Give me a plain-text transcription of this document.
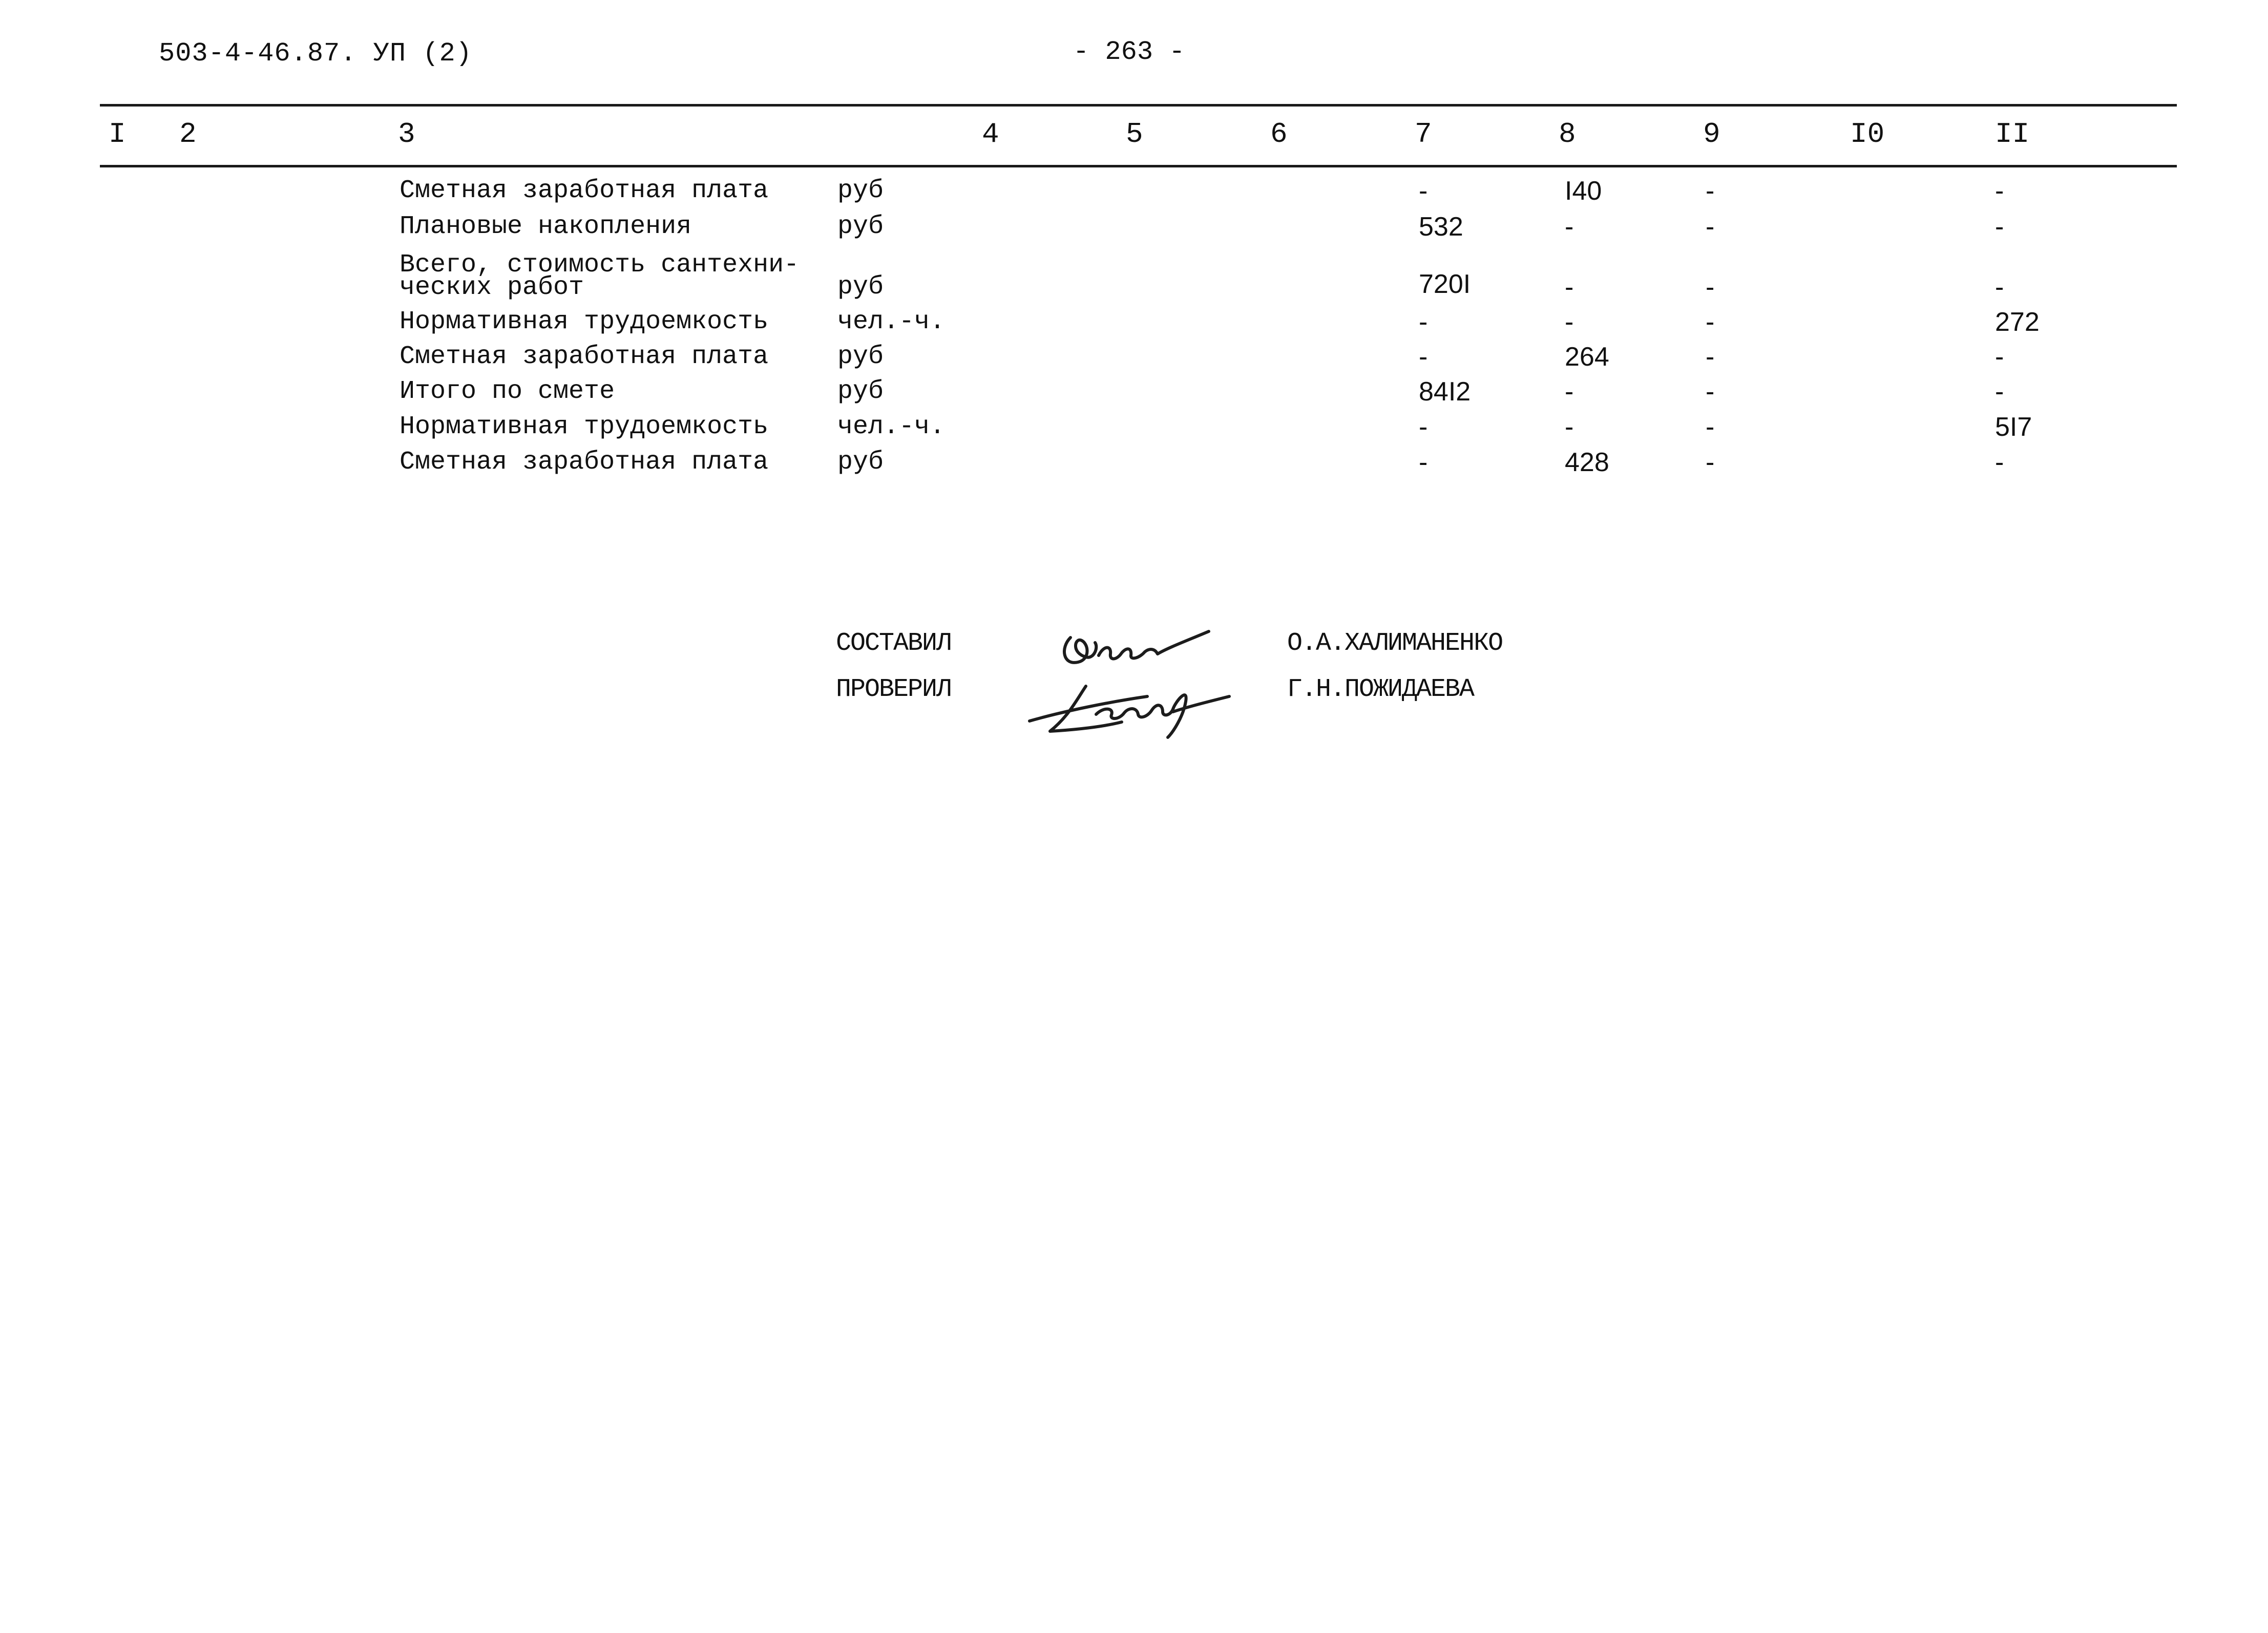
503-4-46.87. УП (2)	- 263 -
I 2	3	4	5	6	7	8	9	I0	II
Сметная заработная плата	руб	-	I40	-	-
Плановые накопления	руб	532	-	-	-
Всего, стоимость сантехни-
ческих работ	руб	720I	-	-	-
Нормативная трудоемкость	чел.-ч.	-	-	-	272
Сметная заработная плата	руб	-	264	-	-
Итого по смете	руб	84I2	-	-	-
Нормативная трудоемкость	чел.-ч.	-	-	-	5I7
Сметная заработная плата	руб	-	428	-	-
СОСТАВИЛ	О.А.ХАЛИМАНЕНКО
ПРОВЕРИЛ	Г.Н.ПОЖИДАЕВА
